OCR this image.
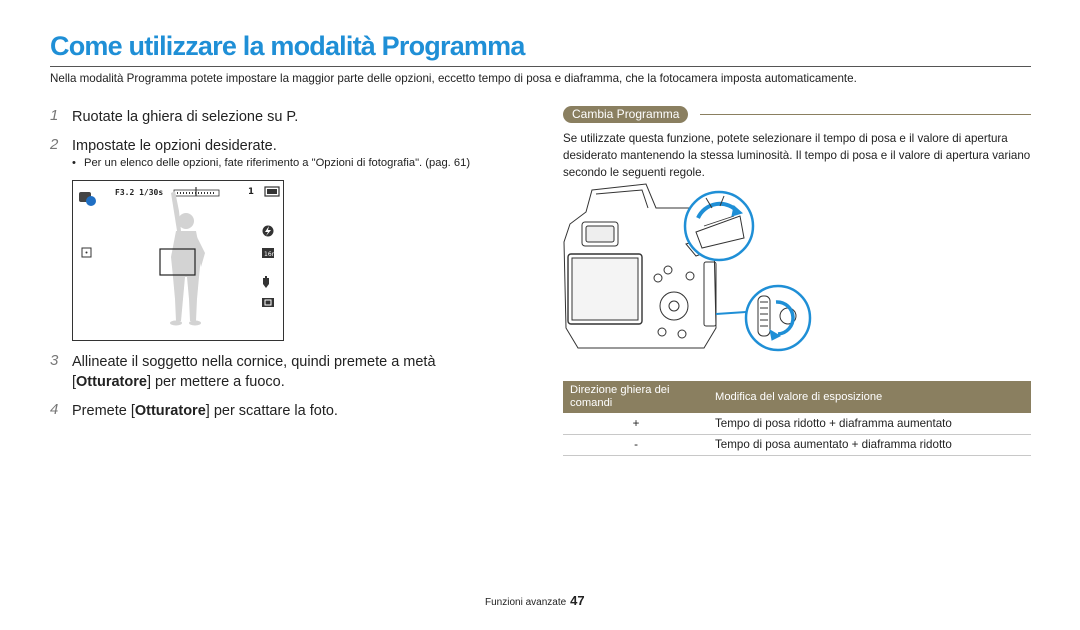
Come utilizzare la modalità Programma

Nella modalità Programma potete impostare la maggior parte delle opzioni, eccetto tempo di posa e diaframma, che la fotocamera imposta automaticamente.

1 Ruotate la ghiera di selezione su P.
2 Impostate le opzioni desiderate.
• Per un elenco delle opzioni, fate riferimento a "Opzioni di fotografia". (pag. 61)
16m
F3.2 1/30s	1
3 Allineate il soggetto nella cornice, quindi premete a metà [Otturatore] per mettere a fuoco.
4 Premete [Otturatore] per scattare la foto.
Cambia Programma

Se utilizzate questa funzione, potete selezionare il tempo di posa e il valore di apertura desiderato mantenendo la stessa luminosità. Il tempo di posa e il valore di apertura variano secondo le seguenti regole.

Direzione ghiera dei comandi	Modifica del valore di esposizione
+	Tempo di posa ridotto + diaframma aumentato
-	Tempo di posa aumentato + diaframma ridotto
Funzioni avanzate 47
